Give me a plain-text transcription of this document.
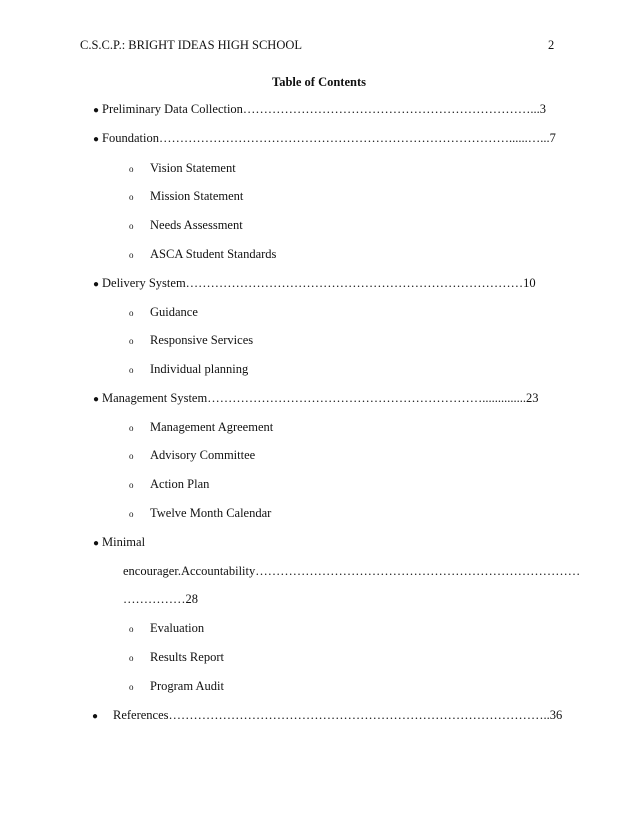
C.S.C.P.: BRIGHT IDEAS HIGH SCHOOL	2
Table of Contents
● Preliminary Data Collection……………………………………………………………...3
● Foundation…………………………………………………………………………......…...7
o Vision Statement
o Mission Statement
o Needs Assessment
o ASCA Student Standards
● Delivery System………………………………………………………………………10
o Guidance
o Responsive Services
o Individual planning
● Management System…………………………………………………………..............23
o Management Agreement
o Advisory Committee
o Action Plan
o Twelve Month Calendar
● Minimal
encourager.Accountability……………………………………………………………………
……………28
o Evaluation
o Results Report
o Program Audit
● References………………………………………………………………………………..36
